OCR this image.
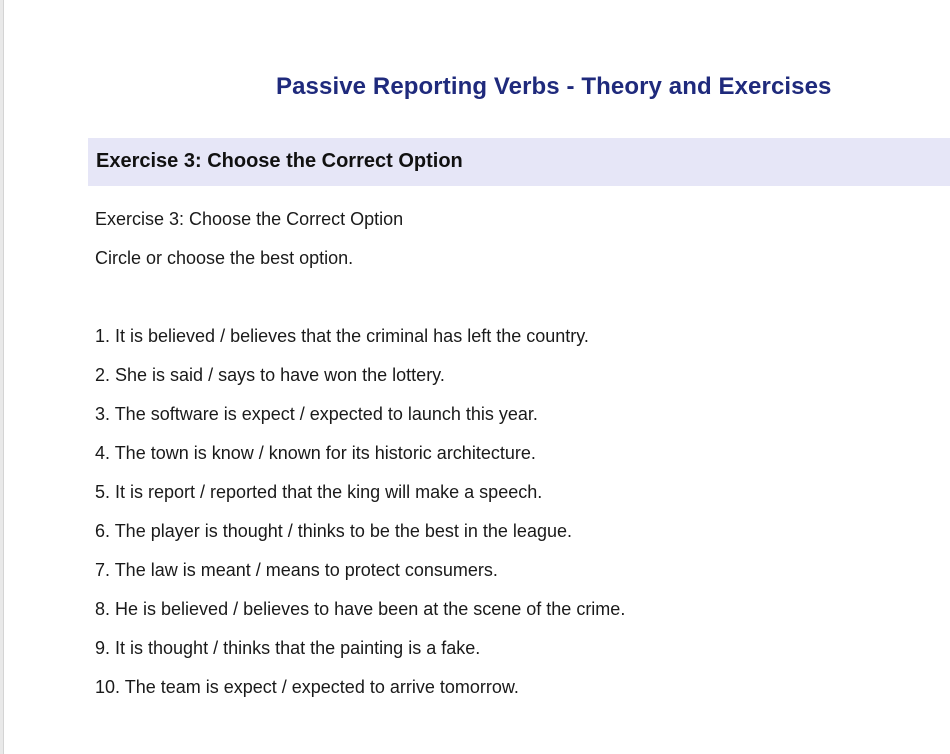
Passive Reporting Verbs - Theory and Exercises
Exercise 3: Choose the Correct Option

Exercise 3: Choose the Correct Option

Circle or choose the best option.

1. It is believed / believes that the criminal has left the country.
2. She is said / says to have won the lottery.
3. The software is expect / expected to launch this year.
4. The town is know / known for its historic architecture.
5. It is report / reported that the king will make a speech.
6. The player is thought / thinks to be the best in the league.
7. The law is meant / means to protect consumers.
8. He is believed / believes to have been at the scene of the crime.
9. It is thought / thinks that the painting is a fake.
10. The team is expect / expected to arrive tomorrow.
